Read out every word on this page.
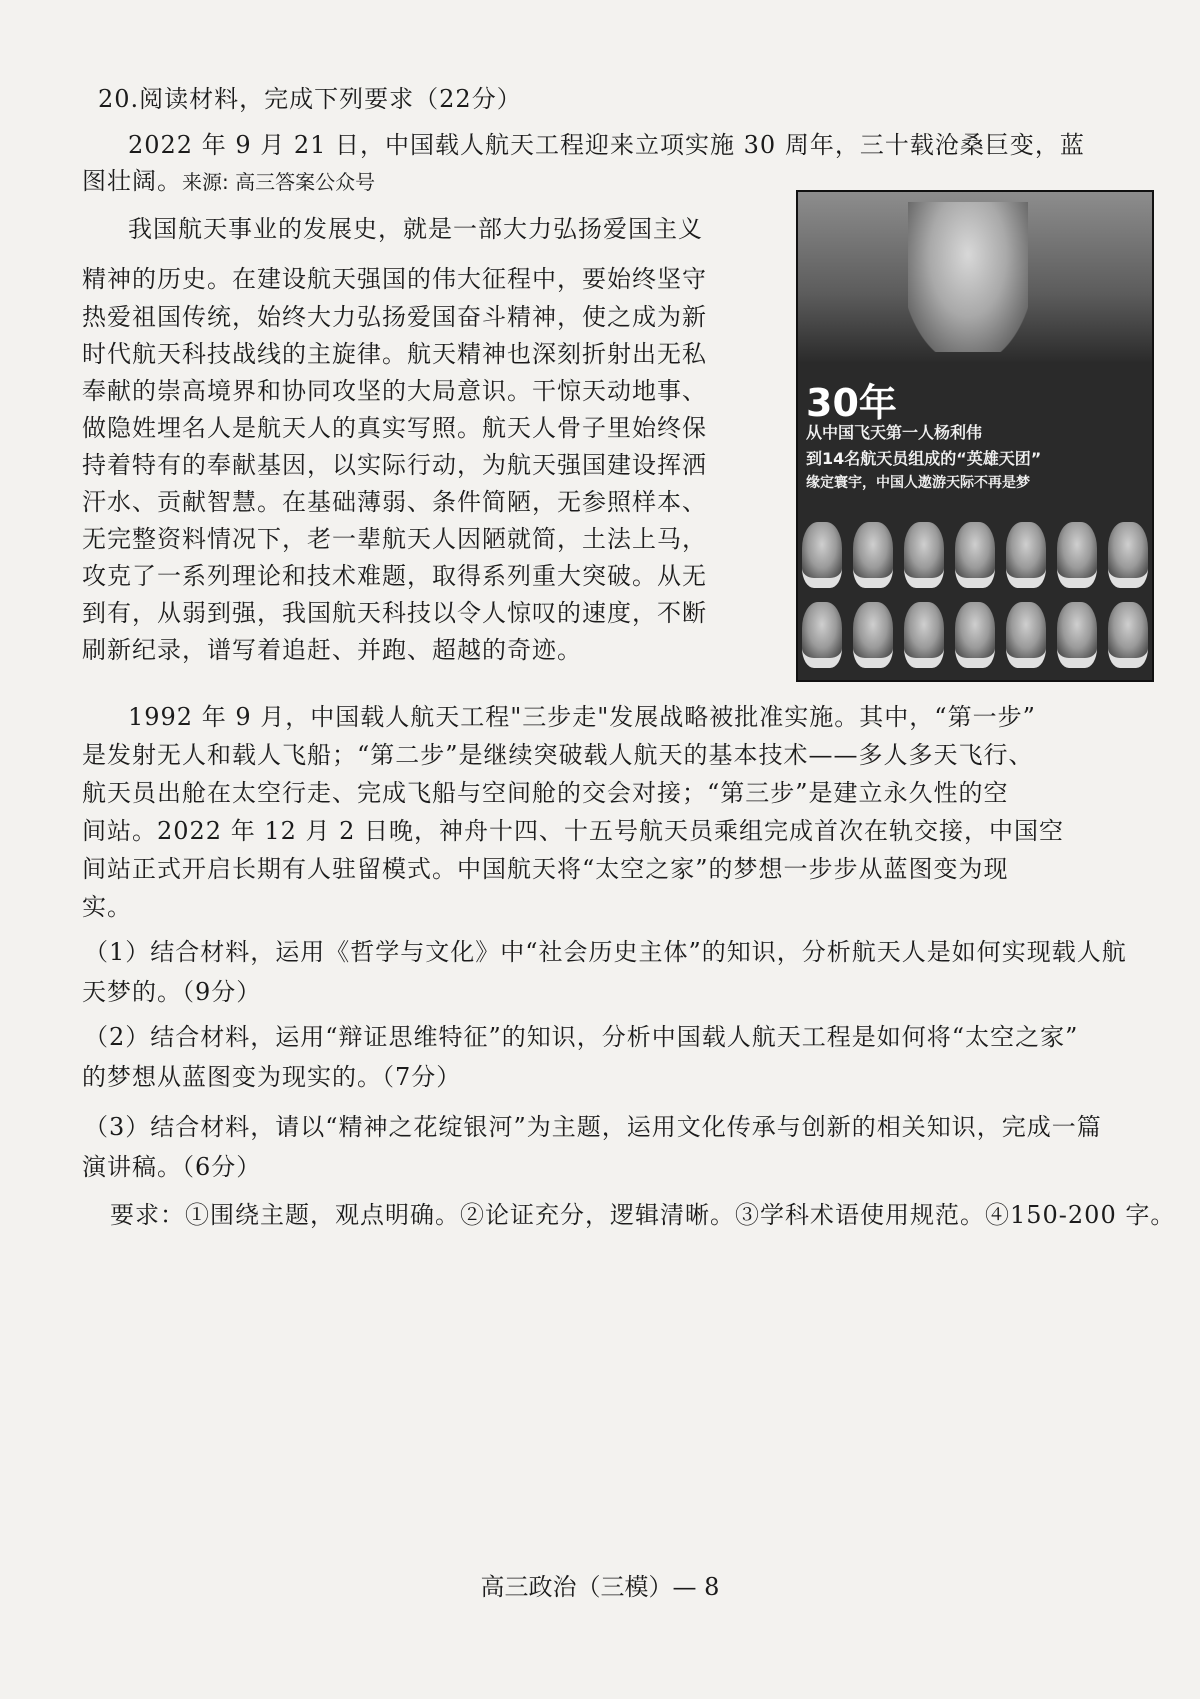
20.阅读材料，完成下列要求（22分）
2022 年 9 月 21 日，中国载人航天工程迎来立项实施 30 周年，三十载沧桑巨变，蓝
图壮阔。来源: 高三答案公众号
我国航天事业的发展史，就是一部大力弘扬爱国主义
精神的历史。在建设航天强国的伟大征程中，要始终坚守
热爱祖国传统，始终大力弘扬爱国奋斗精神，使之成为新
时代航天科技战线的主旋律。航天精神也深刻折射出无私
奉献的崇高境界和协同攻坚的大局意识。干惊天动地事、
做隐姓埋名人是航天人的真实写照。航天人骨子里始终保
持着特有的奉献基因，以实际行动，为航天强国建设挥洒
汗水、贡献智慧。在基础薄弱、条件简陋，无参照样本、
无完整资料情况下，老一辈航天人因陋就简，土法上马，
攻克了一系列理论和技术难题，取得系列重大突破。从无
到有，从弱到强，我国航天科技以令人惊叹的速度，不断
刷新纪录，谱写着追赶、并跑、超越的奇迹。
30年
从中国飞天第一人杨利伟
到14名航天员组成的“英雄天团”
缘定寰宇，中国人遨游天际不再是梦
1992 年 9 月，中国载人航天工程"三步走"发展战略被批准实施。其中，“第一步”
是发射无人和载人飞船；“第二步”是继续突破载人航天的基本技术——多人多天飞行、
航天员出舱在太空行走、完成飞船与空间舱的交会对接；“第三步”是建立永久性的空
间站。2022 年 12 月 2 日晚，神舟十四、十五号航天员乘组完成首次在轨交接，中国空
间站正式开启长期有人驻留模式。中国航天将“太空之家”的梦想一步步从蓝图变为现
实。
（1）结合材料，运用《哲学与文化》中“社会历史主体”的知识，分析航天人是如何实现载人航
天梦的。（9分）
（2）结合材料，运用“辩证思维特征”的知识，分析中国载人航天工程是如何将“太空之家”
的梦想从蓝图变为现实的。（7分）
（3）结合材料，请以“精神之花绽银河”为主题，运用文化传承与创新的相关知识，完成一篇
演讲稿。（6分）
要求：①围绕主题，观点明确。②论证充分，逻辑清晰。③学科术语使用规范。④150-200 字。
高三政治（三模）— 8
